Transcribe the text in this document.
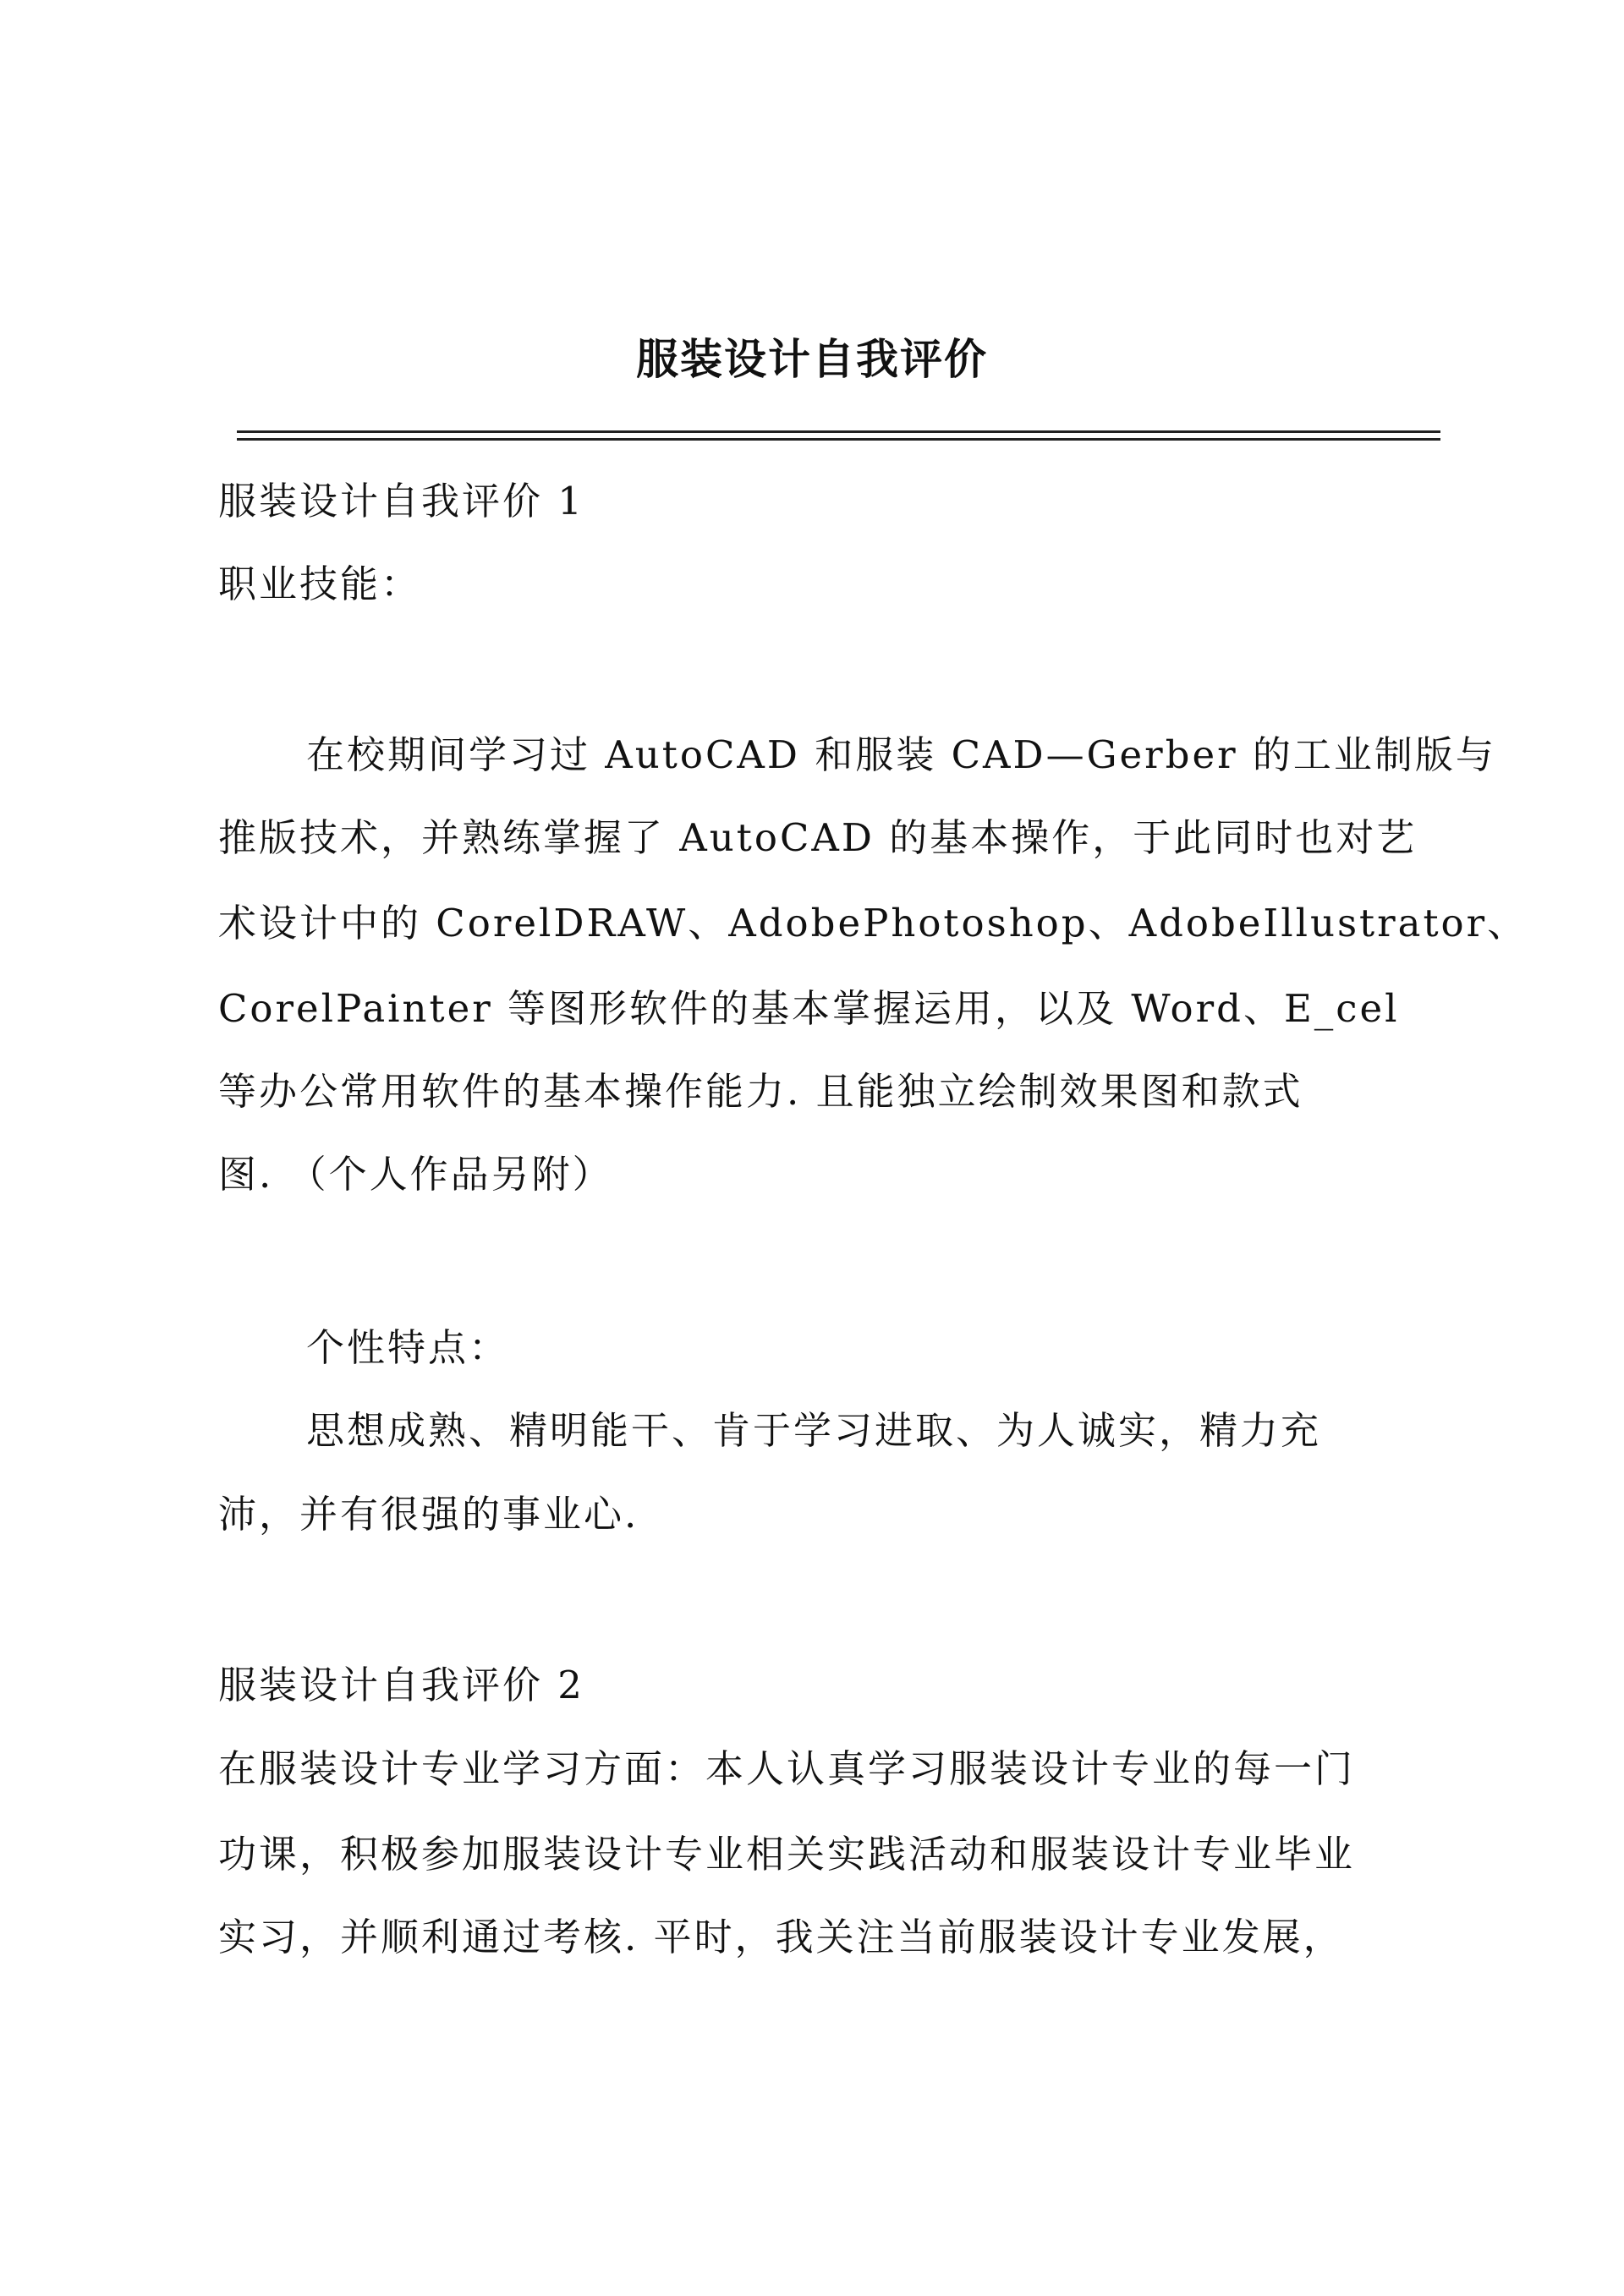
服装设计自我评价

服装设计自我评价 1

职业技能：

在校期间学习过 AutoCAD 和服装 CAD—Gerber 的工业制版与

推版技术，并熟练掌握了 AutoCAD 的基本操作，于此同时也对艺

术设计中的 CorelDRAW、AdobePhotoshop、AdobeIllustrator、

CorelPainter 等图形软件的基本掌握运用，以及 Word、E_cel

等办公常用软件的基本操作能力. 且能独立绘制效果图和款式

图. （个人作品另附）

个性特点：

思想成熟、精明能干、肯于学习进取、为人诚实，精力充

沛，并有很强的事业心.

服装设计自我评价 2

在服装设计专业学习方面：本人认真学习服装设计专业的每一门

功课，积极参加服装设计专业相关实践活动和服装设计专业毕业

实习，并顺利通过考核. 平时，我关注当前服装设计专业发展，
